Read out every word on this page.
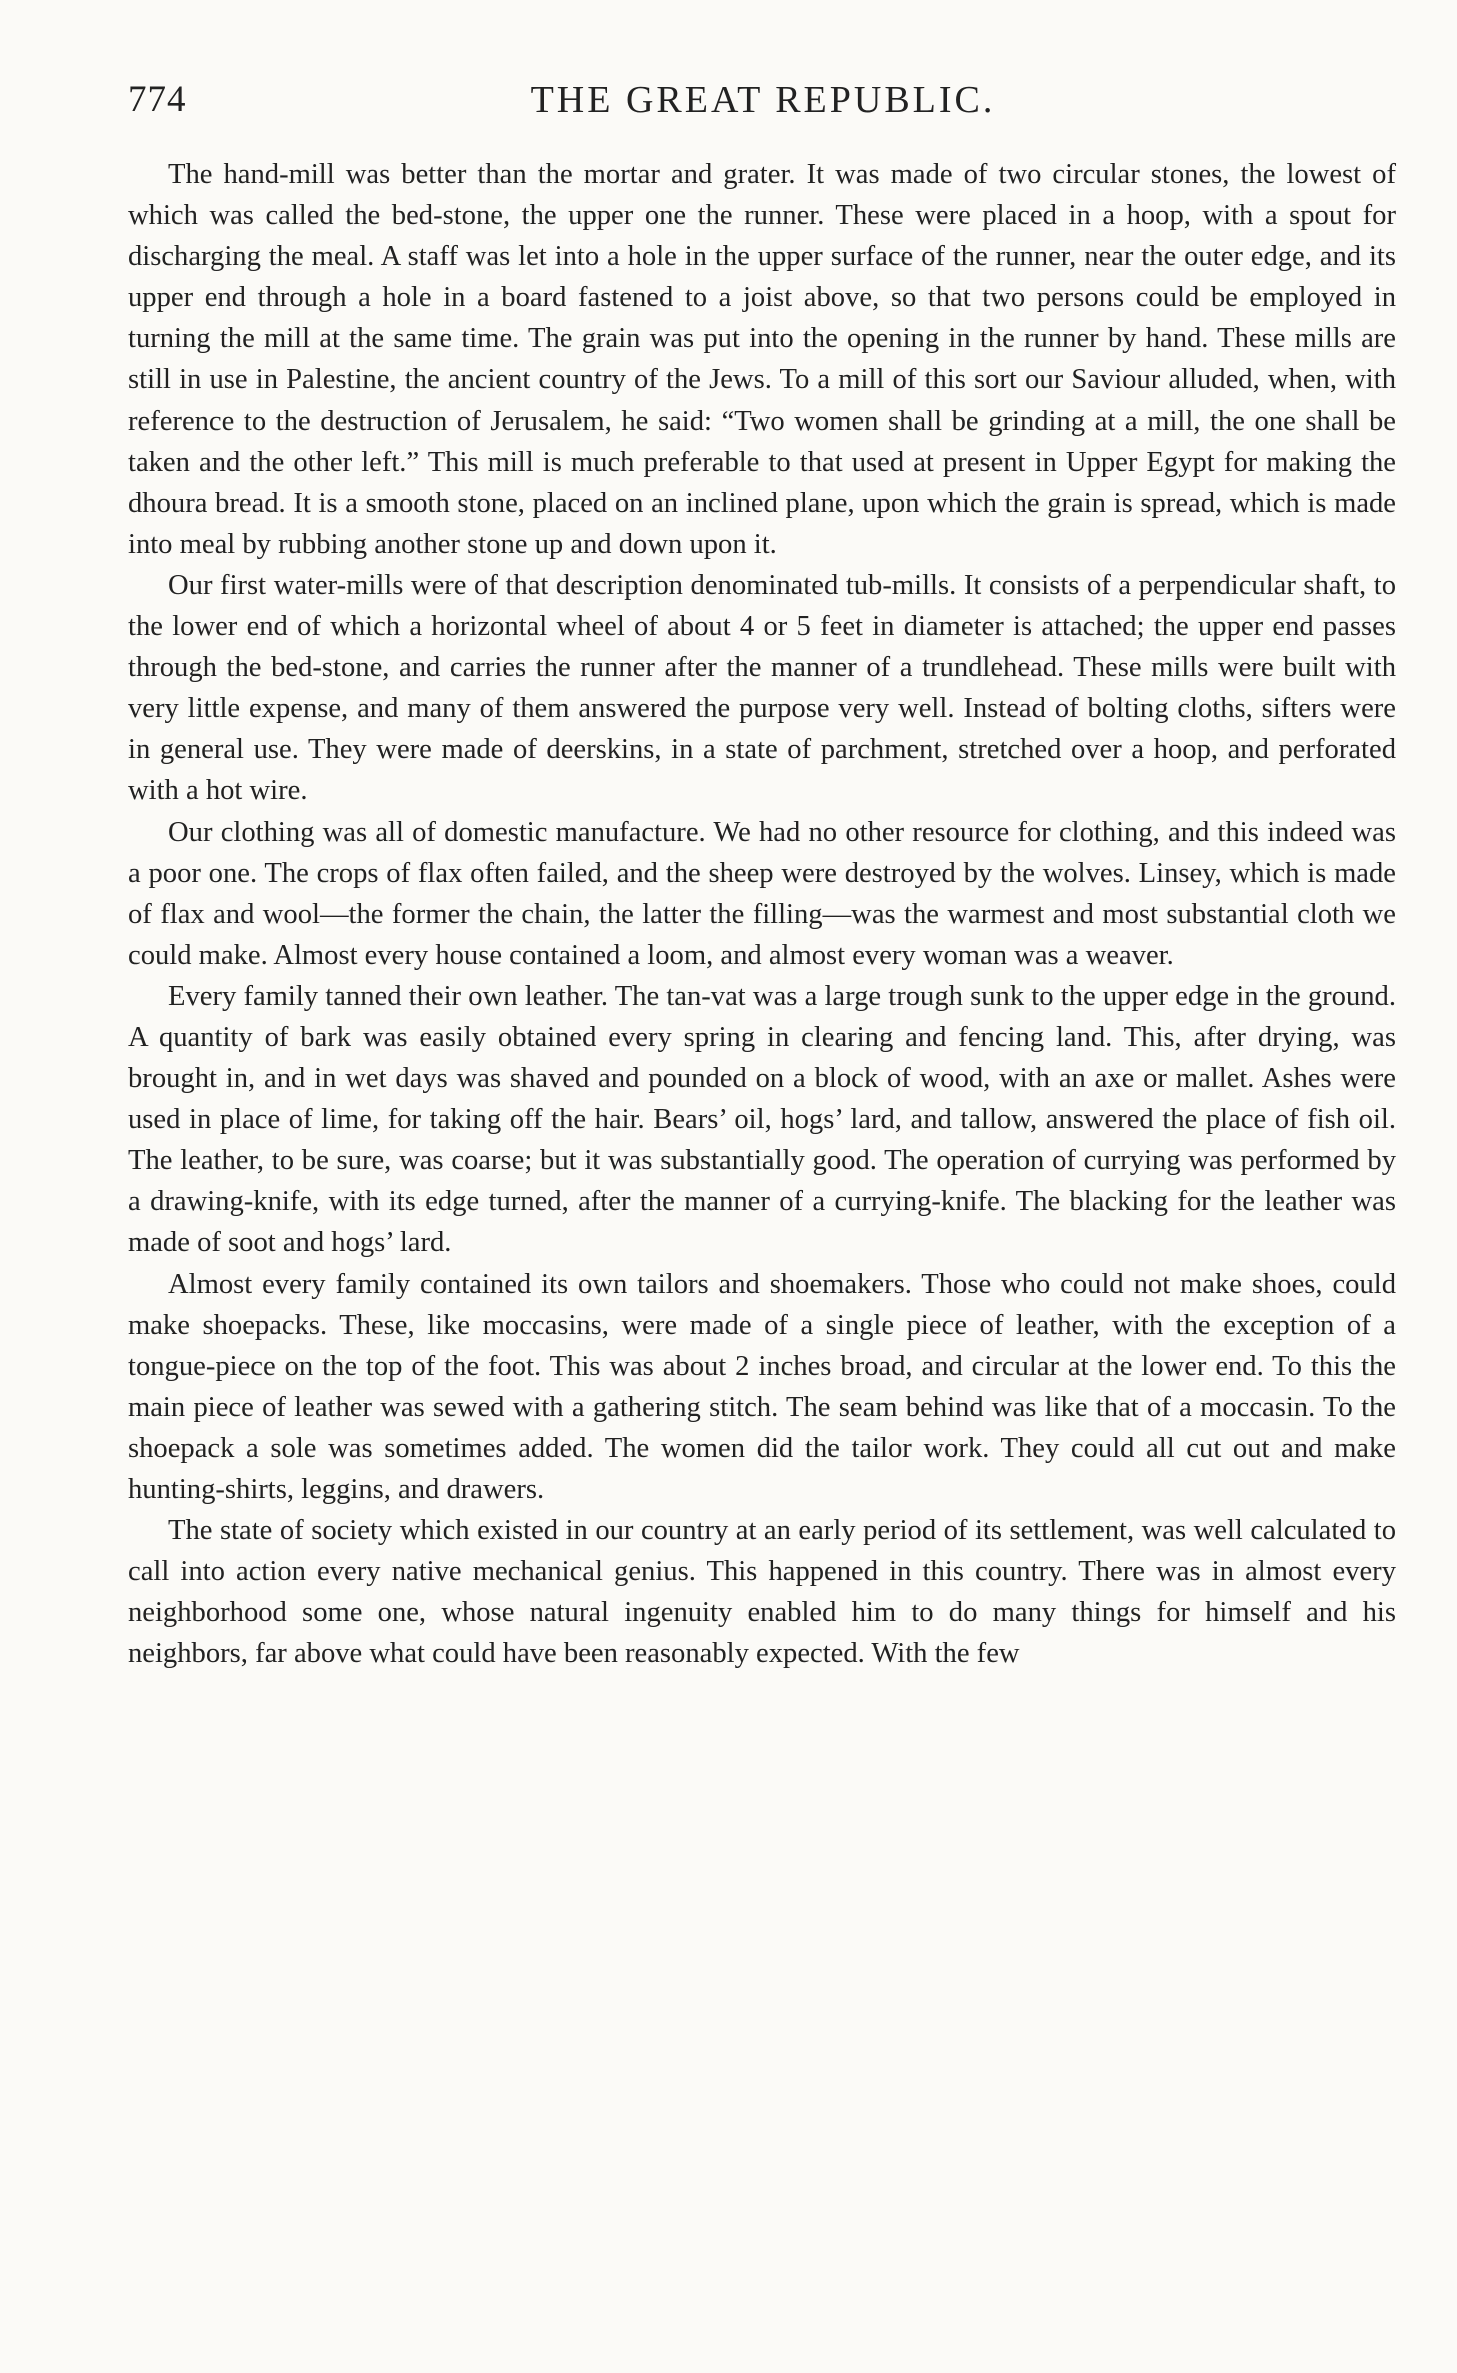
774	THE GREAT REPUBLIC.

The hand-mill was better than the mortar and grater. It was made of two circular stones, the lowest of which was called the bed-stone, the upper one the runner. These were placed in a hoop, with a spout for discharging the meal. A staff was let into a hole in the upper surface of the runner, near the outer edge, and its upper end through a hole in a board fastened to a joist above, so that two persons could be employed in turning the mill at the same time. The grain was put into the opening in the runner by hand. These mills are still in use in Palestine, the ancient country of the Jews. To a mill of this sort our Saviour alluded, when, with reference to the destruction of Jerusalem, he said: “Two women shall be grinding at a mill, the one shall be taken and the other left.” This mill is much preferable to that used at present in Upper Egypt for making the dhoura bread. It is a smooth stone, placed on an inclined plane, upon which the grain is spread, which is made into meal by rubbing another stone up and down upon it.

Our first water-mills were of that description denominated tub-mills. It consists of a perpendicular shaft, to the lower end of which a horizontal wheel of about 4 or 5 feet in diameter is attached; the upper end passes through the bed-stone, and carries the runner after the manner of a trundlehead. These mills were built with very little expense, and many of them answered the purpose very well. Instead of bolting cloths, sifters were in general use. They were made of deerskins, in a state of parchment, stretched over a hoop, and perforated with a hot wire.

Our clothing was all of domestic manufacture. We had no other resource for clothing, and this indeed was a poor one. The crops of flax often failed, and the sheep were destroyed by the wolves. Linsey, which is made of flax and wool—the former the chain, the latter the filling—was the warmest and most substantial cloth we could make. Almost every house contained a loom, and almost every woman was a weaver.

Every family tanned their own leather. The tan-vat was a large trough sunk to the upper edge in the ground. A quantity of bark was easily obtained every spring in clearing and fencing land. This, after drying, was brought in, and in wet days was shaved and pounded on a block of wood, with an axe or mallet. Ashes were used in place of lime, for taking off the hair. Bears’ oil, hogs’ lard, and tallow, answered the place of fish oil. The leather, to be sure, was coarse; but it was substantially good. The operation of currying was performed by a drawing-knife, with its edge turned, after the manner of a currying-knife. The blacking for the leather was made of soot and hogs’ lard.

Almost every family contained its own tailors and shoemakers. Those who could not make shoes, could make shoepacks. These, like moccasins, were made of a single piece of leather, with the exception of a tongue-piece on the top of the foot. This was about 2 inches broad, and circular at the lower end. To this the main piece of leather was sewed with a gathering stitch. The seam behind was like that of a moccasin. To the shoepack a sole was sometimes added. The women did the tailor work. They could all cut out and make hunting-shirts, leggins, and drawers.

The state of society which existed in our country at an early period of its settlement, was well calculated to call into action every native mechanical genius. This happened in this country. There was in almost every neighborhood some one, whose natural ingenuity enabled him to do many things for himself and his neighbors, far above what could have been reasonably expected. With the few
